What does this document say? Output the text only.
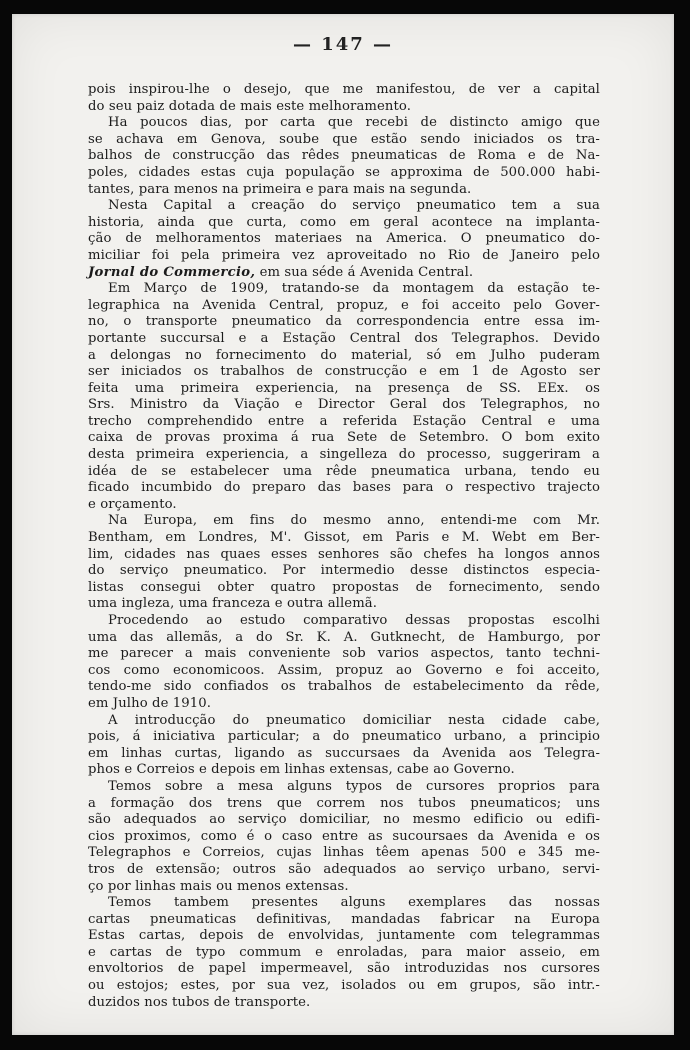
— 147 —
pois inspirou-lhe o desejo, que me manifestou, de ver a capital
do seu paiz dotada de mais este melhoramento.
Ha poucos dias, por carta que recebi de distincto amigo que
se achava em Genova, soube que estão sendo iniciados os tra-
balhos de construcção das rêdes pneumaticas de Roma e de Na-
poles, cidades estas cuja população se approxima de 500.000 habi-
tantes, para menos na primeira e para mais na segunda.
Nesta Capital a creação do serviço pneumatico tem a sua
historia, ainda que curta, como em geral acontece na implanta-
ção de melhoramentos materiaes na America. O pneumatico do-
miciliar foi pela primeira vez aproveitado no Rio de Janeiro pelo
Jornal do Commercio, em sua séde á Avenida Central.
Em Março de 1909, tratando-se da montagem da estação te-
legraphica na Avenida Central, propuz, e foi acceito pelo Gover-
no, o transporte pneumatico da correspondencia entre essa im-
portante succursal e a Estação Central dos Telegraphos. Devido
a delongas no fornecimento do material, só em Julho puderam
ser iniciados os trabalhos de construcção e em 1 de Agosto ser
feita uma primeira experiencia, na presença de SS. EEx. os
Srs. Ministro da Viação e Director Geral dos Telegraphos, no
trecho comprehendido entre a referida Estação Central e uma
caixa de provas proxima á rua Sete de Setembro. O bom exito
desta primeira experiencia, a singelleza do processo, suggeriram a
idéa de se estabelecer uma rêde pneumatica urbana, tendo eu
ficado incumbido do preparo das bases para o respectivo trajecto
e orçamento.
Na Europa, em fins do mesmo anno, entendi-me com Mr.
Bentham, em Londres, M'. Gissot, em Paris e M. Webt em Ber-
lim, cidades nas quaes esses senhores são chefes ha longos annos
do serviço pneumatico. Por intermedio desse distinctos especia-
listas consegui obter quatro propostas de fornecimento, sendo
uma ingleza, uma franceza e outra allemã.
Procedendo ao estudo comparativo dessas propostas escolhi
uma das allemãs, a do Sr. K. A. Gutknecht, de Hamburgo, por
me parecer a mais conveniente sob varios aspectos, tanto techni-
cos como economicoos. Assim, propuz ao Governo e foi acceito,
tendo-me sido confiados os trabalhos de estabelecimento da rêde,
em Julho de 1910.
A introducção do pneumatico domiciliar nesta cidade cabe,
pois, á iniciativa particular; a do pneumatico urbano, a principio
em linhas curtas, ligando as succursaes da Avenida aos Telegra-
phos e Correios e depois em linhas extensas, cabe ao Governo.
Temos sobre a mesa alguns typos de cursores proprios para
a formação dos trens que correm nos tubos pneumaticos; uns
são adequados ao serviço domiciliar, no mesmo edificio ou edifi-
cios proximos, como é o caso entre as sucoursaes da Avenida e os
Telegraphos e Correios, cujas linhas têem apenas 500 e 345 me-
tros de extensão; outros são adequados ao serviço urbano, servi-
ço por linhas mais ou menos extensas.
Temos tambem presentes alguns exemplares das nossas
cartas pneumaticas definitivas, mandadas fabricar na Europa
Estas cartas, depois de envolvidas, juntamente com telegrammas
e cartas de typo commum e enroladas, para maior asseio, em
envoltorios de papel impermeavel, são introduzidas nos cursores
ou estojos; estes, por sua vez, isolados ou em grupos, são intr.-
duzidos nos tubos de transporte.
